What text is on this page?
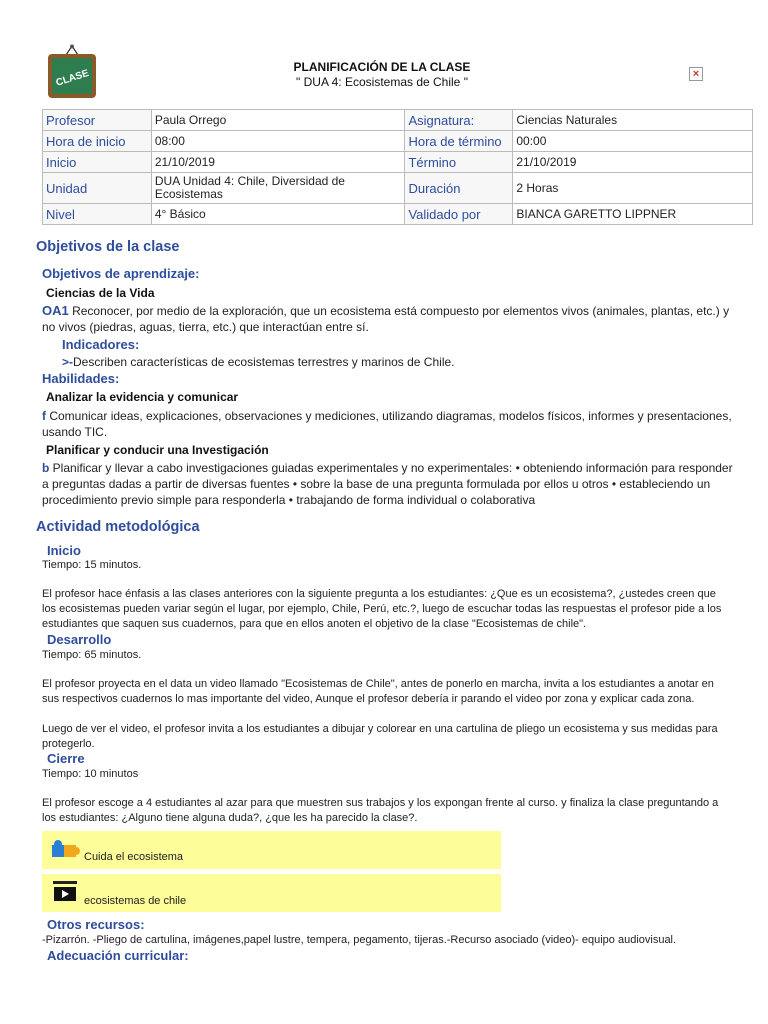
CLASE
PLANIFICACIÓN DE LA CLASE
" DUA 4: Ecosistemas de Chile "
×
Profesor	Paula Orrego	Asignatura:	Ciencias Naturales
Hora de inicio	08:00	Hora de término	00:00
Inicio	21/10/2019	Término	21/10/2019
Unidad	DUA Unidad 4: Chile, Diversidad de Ecosistemas	Duración	2 Horas
Nivel	4° Básico	Validado por	BIANCA GARETTO LIPPNER
Objetivos de la clase
Objetivos de aprendizaje:
Ciencias de la Vida
OA1 Reconocer, por medio de la exploración, que un ecosistema está compuesto por elementos vivos (animales, plantas, etc.) y no vivos (piedras, aguas, tierra, etc.) que interactúan entre sí.
Indicadores:
>-Describen características de ecosistemas terrestres y marinos de Chile.
Habilidades:
Analizar la evidencia y comunicar
f Comunicar ideas, explicaciones, observaciones y mediciones, utilizando diagramas, modelos físicos, informes y presentaciones, usando TIC.
Planificar y conducir una Investigación
b Planificar y llevar a cabo investigaciones guiadas experimentales y no experimentales: • obteniendo información para responder a preguntas dadas a partir de diversas fuentes • sobre la base de una pregunta formulada por ellos u otros • estableciendo un procedimiento previo simple para responderla • trabajando de forma individual o colaborativa
Actividad metodológica
Inicio
Tiempo: 15 minutos.
El profesor hace énfasis a las clases anteriores con la siguiente pregunta a los estudiantes: ¿Que es un ecosistema?, ¿ustedes creen que los ecosistemas pueden variar según el lugar, por ejemplo, Chile, Perú, etc.?, luego de escuchar todas las respuestas el profesor pide a los estudiantes que saquen sus cuadernos, para que en ellos anoten el objetivo de la clase "Ecosistemas de chile".
Desarrollo
Tiempo: 65 minutos.
El profesor proyecta en el data un video llamado "Ecosistemas de Chile", antes de ponerlo en marcha, invita a los estudiantes a anotar en sus respectivos cuadernos lo mas importante del video, Aunque el profesor debería ir parando el video por zona y explicar cada zona.
Luego de ver el video, el profesor invita a los estudiantes a dibujar y colorear en una cartulina de pliego un ecosistema y sus medidas para protegerlo.
Cierre
Tiempo: 10 minutos
El profesor escoge a 4 estudiantes al azar para que muestren sus trabajos y los expongan frente al curso. y finaliza la clase preguntando a los estudiantes: ¿Alguno tiene alguna duda?, ¿que les ha parecido la clase?.
Cuida el ecosistema
ecosistemas de chile
Otros recursos:
-Pizarrón. -Pliego de cartulina, imágenes,papel lustre, tempera, pegamento, tijeras.-Recurso asociado (video)- equipo audiovisual.
Adecuación curricular:
